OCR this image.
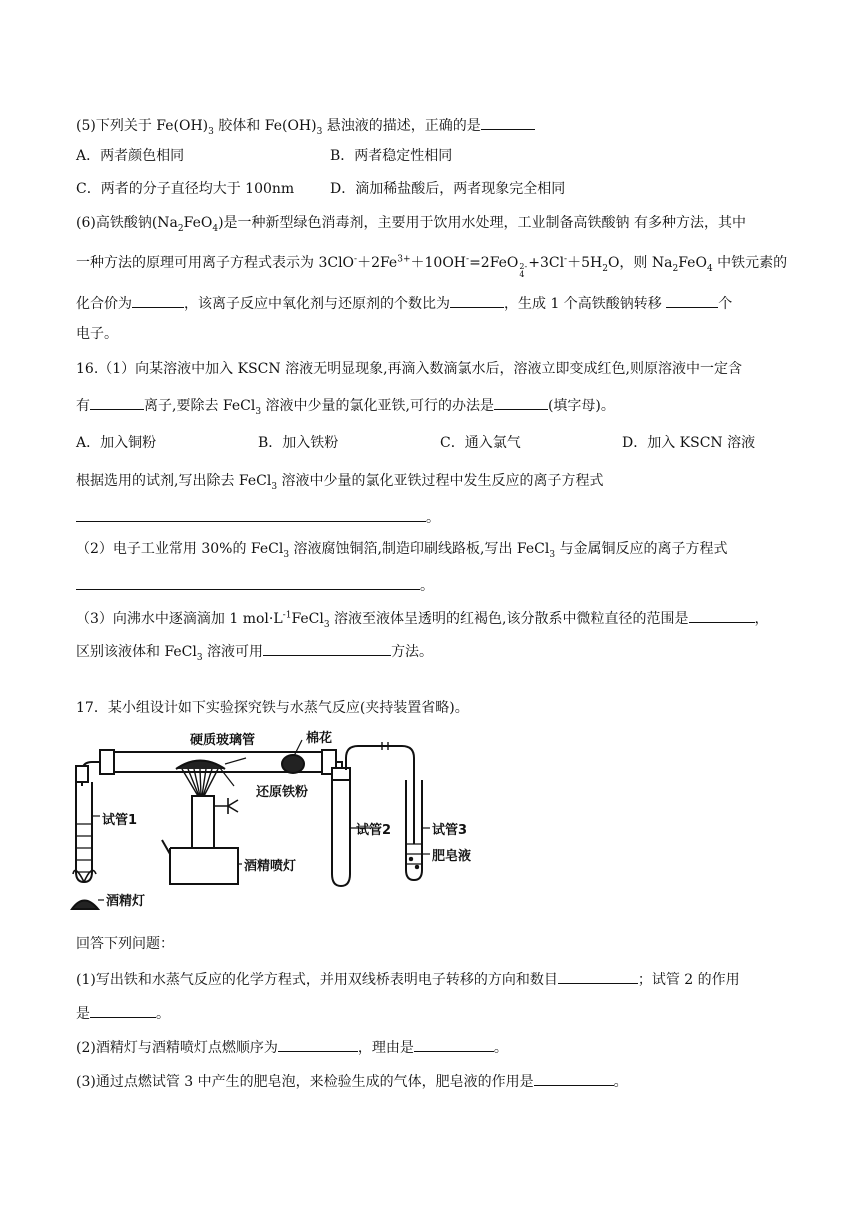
(5)下列关于 $Fe(OH)_3$ 胶体和 $Fe(OH)_3$ 悬浊液的描述，正确的是
A．两者颜色相同	B．两者稳定性相同
C．两者的分子直径均大于 100nm	D．滴加稀盐酸后，两者现象完全相同
(6)高铁酸钠$(Na_2FeO_4)$是一种新型绿色消毒剂，主要用于饮用水处理，工业制备高铁酸钠 有多种方法，其中
一种方法的原理可用离子方程式表示为 $3ClO^-+2Fe^{3+}+10OH^-=2FeO$ 2-
4
$+3Cl^-+5H_2O$，则 $Na_2FeO_4$ 中铁元素的
化合价为	，该离子反应中氧化剂与还原剂的个数比为	，生成 1 个高铁酸钠转移	个
电子。
16.（1）向某溶液中加入 KSCN 溶液无明显现象,再滴入数滴氯水后，溶液立即变成红色,则原溶液中一定含
有	离子,要除去 FeCl$_3$ 溶液中少量的氯化亚铁,可行的办法是	(填字母)。
A．加入铜粉	B．加入铁粉	C．通入氯气	D．加入 KSCN 溶液
根据选用的试剂,写出除去 FeCl$_3$ 溶液中少量的氯化亚铁过程中发生反应的离子方程式
。
（2）电子工业常用 30%的 FeCl$_3$ 溶液腐蚀铜箔,制造印刷线路板,写出 FeCl$_3$ 与金属铜反应的离子方程式
。
（3）向沸水中逐滴滴加 1 $mol\cdot L^{-1}FeCl_3$ 溶液至液体呈透明的红褐色,该分散系中微粒直径的范围是	，
区别该液体和 FeCl$_3$ 溶液可用	方法。
17．某小组设计如下实验探究铁与水蒸气反应(夹持装置省略)。
硬质玻璃管	棉花
还原铁粉
试管1
试管2	试管3
肥皂液
酒精喷灯
酒精灯
回答下列问题：
(1)写出铁和水蒸气反应的化学方程式，并用双线桥表明电子转移的方向和数目	；试管 2 的作用
是	。
(2)酒精灯与酒精喷灯点燃顺序为	，理由是	。
(3)通过点燃试管 3 中产生的肥皂泡，来检验生成的气体，肥皂液的作用是	。
